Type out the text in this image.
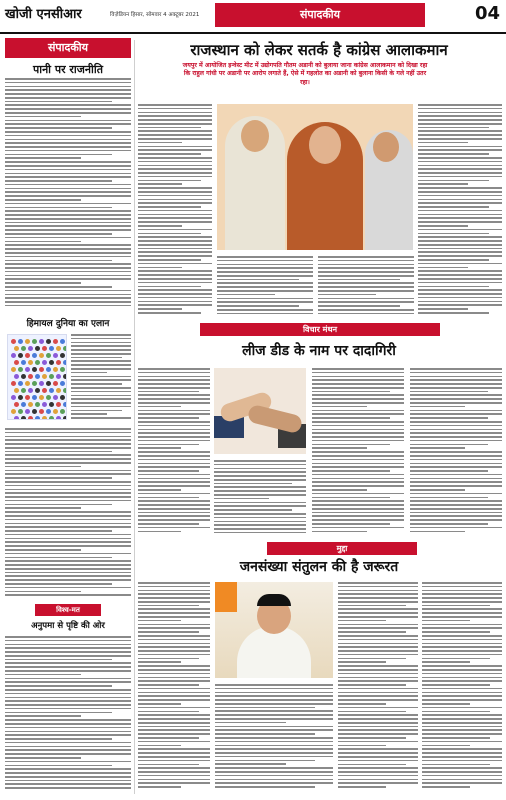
खोजी एनसीआर	विज़ेडियन हिसार, सोमवार 4 अक्टूबर 2021	संपादकीय	04
संपादकीय
पानी पर राजनीति
हिमायल दुनिया का एलान
विश्व-मत
अनुपमा से पृष्टि की ओर
राजस्थान को लेकर सतर्क है कांग्रेस आलाकमान
जयपुर में आयोजित इन्वेस्ट मीट में उद्योगपति गौतम अडानी को बुलाया जाना कांग्रेस आलाकमान को दिखा रहा कि राहुल गांधी पर अडानी पर आरोप लगाते हैं, ऐसे में गहलोत का अडानी को बुलाना किसी के गले नहीं उतर रहा।
विचार मंथन
लीज डीड के नाम पर दादागिरी
मुद्दा
जनसंख्या संतुलन की है जरूरत
